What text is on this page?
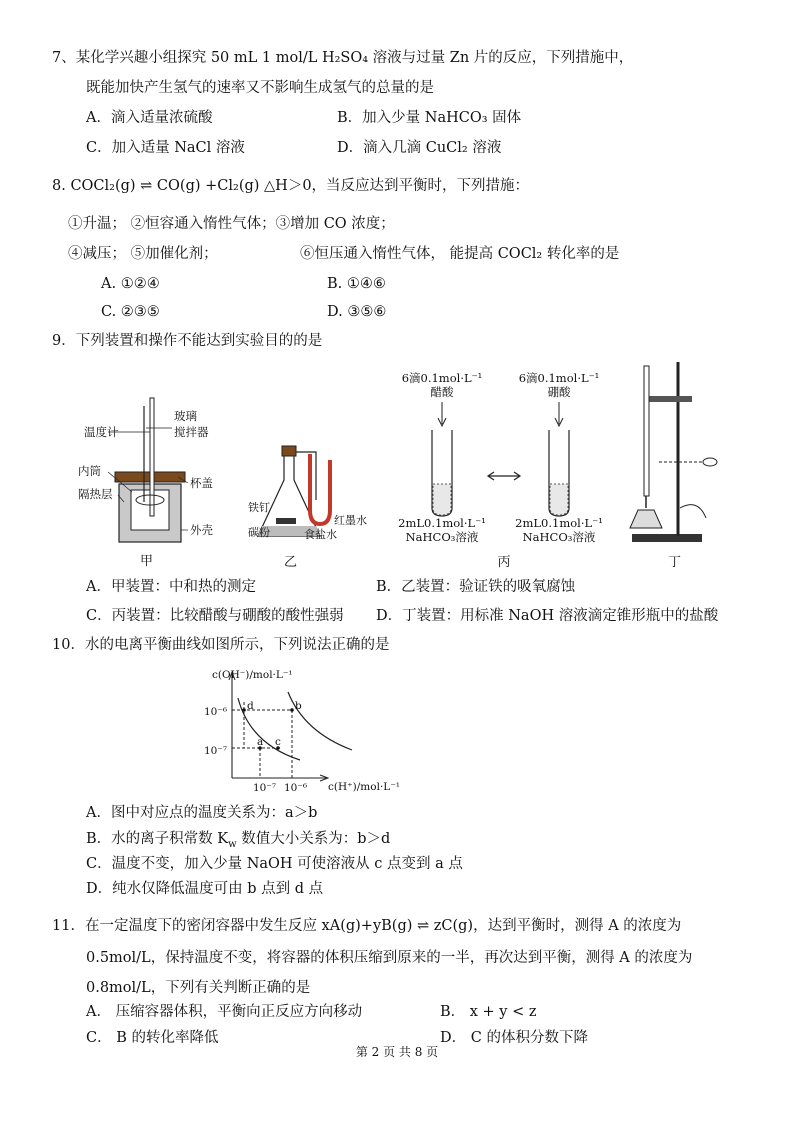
7、某化学兴趣小组探究 50 mL 1 mol/L H₂SO₄ 溶液与过量 Zn 片的反应，下列措施中，
既能加快产生氢气的速率又不影响生成氢气的总量的是
A．滴入适量浓硫酸	B．加入少量 NaHCO₃ 固体
C．加入适量 NaCl 溶液	D．滴入几滴 CuCl₂ 溶液
8. COCl₂(g) ⇌ CO(g) +Cl₂(g) △H＞0，当反应达到平衡时，下列措施：
①升温； ②恒容通入惰性气体；③增加 CO 浓度；
④减压； ⑤加催化剂；	⑥恒压通入惰性气体， 能提高 COCl₂ 转化率的是
A. ①②④	B. ①④⑥
C. ②③⑤	D. ③⑤⑥
9．下列装置和操作不能达到实验目的的是
温度计
玻璃
搅拌器
内筒
杯盖
隔热层
外壳
甲
铁钉
碳粉	食盐水
红墨水
乙
6滴0.1mol·L⁻¹
醋酸
6滴0.1mol·L⁻¹
硼酸
2mL0.1mol·L⁻¹
NaHCO₃溶液
2mL0.1mol·L⁻¹
NaHCO₃溶液
丙	丁
A．甲装置：中和热的测定	B．乙装置：验证铁的吸氧腐蚀
C．丙装置：比较醋酸与硼酸的酸性强弱 D．丁装置：用标准 NaOH 溶液滴定锥形瓶中的盐酸
10．水的电离平衡曲线如图所示，下列说法正确的是
c(OH⁻)/mol·L⁻¹
c(H⁺)/mol·L⁻¹
10⁻⁶
10⁻⁷
10⁻⁷ 10⁻⁶
d	b
a c
A．图中对应点的温度关系为：a＞b
B．水的离子积常数 $K_w$ 数值大小关系为：b＞d
C．温度不变，加入少量 NaOH 可使溶液从 c 点变到 a 点
D．纯水仅降低温度可由 b 点到 d 点
11．在一定温度下的密闭容器中发生反应 xA(g)+yB(g) ⇌ zC(g)，达到平衡时，测得 A 的浓度为
0.5mol/L，保持温度不变，将容器的体积压缩到原来的一半，再次达到平衡，测得 A 的浓度为
0.8mol/L，下列有关判断正确的是
A． 压缩容器体积，平衡向正反应方向移动	B． x + y < z
C． B 的转化率降低	D． C 的体积分数下降
第 2 页 共 8 页
